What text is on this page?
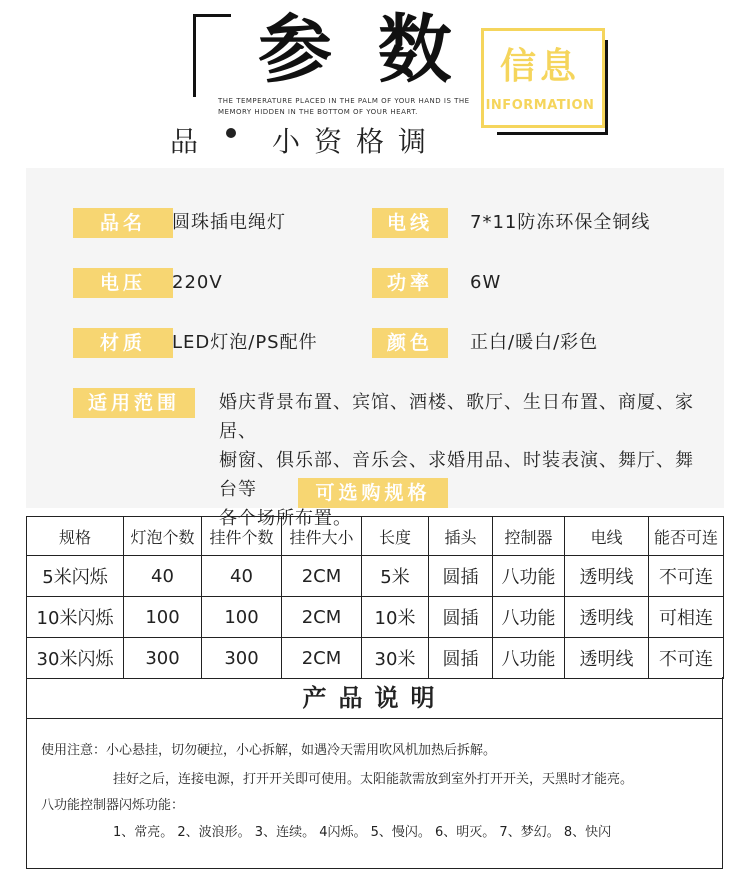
参 数
THE TEMPERATURE PLACED IN THE PALM OF YOUR HAND IS THE
MEMORY HIDDEN IN THE BOTTOM OF YOUR HEART.
信息
INFORMATION
品 小资格调
品名	圆珠插电绳灯	电线	7*11防冻环保全铜线
电压	220V	功率	6W
材质	LED灯泡/PS配件	颜色	正白/暖白/彩色
适用范围	婚庆背景布置、宾馆、酒楼、歌厅、生日布置、商厦、家居、
橱窗、俱乐部、音乐会、求婚用品、时装表演、舞厅、舞台等
各个场所布置。
可选购规格
规格	灯泡个数	挂件个数	挂件大小	长度	插头	控制器	电线	能否可连
5米闪烁	40	40	2CM	5米	圆插	八功能	透明线	不可连
10米闪烁	100	100	2CM	10米	圆插	八功能	透明线	可相连
30米闪烁	300	300	2CM	30米	圆插	八功能	透明线	不可连
产品说明
使用注意：小心悬挂，切勿硬拉，小心拆解，如遇冷天需用吹风机加热后拆解。
挂好之后，连接电源，打开开关即可使用。太阳能款需放到室外打开开关，天黑时才能亮。
八功能控制器闪烁功能：
1、常亮。 2、波浪形。 3、连续。 4闪烁。 5、慢闪。 6、明灭。 7、梦幻。 8、快闪
